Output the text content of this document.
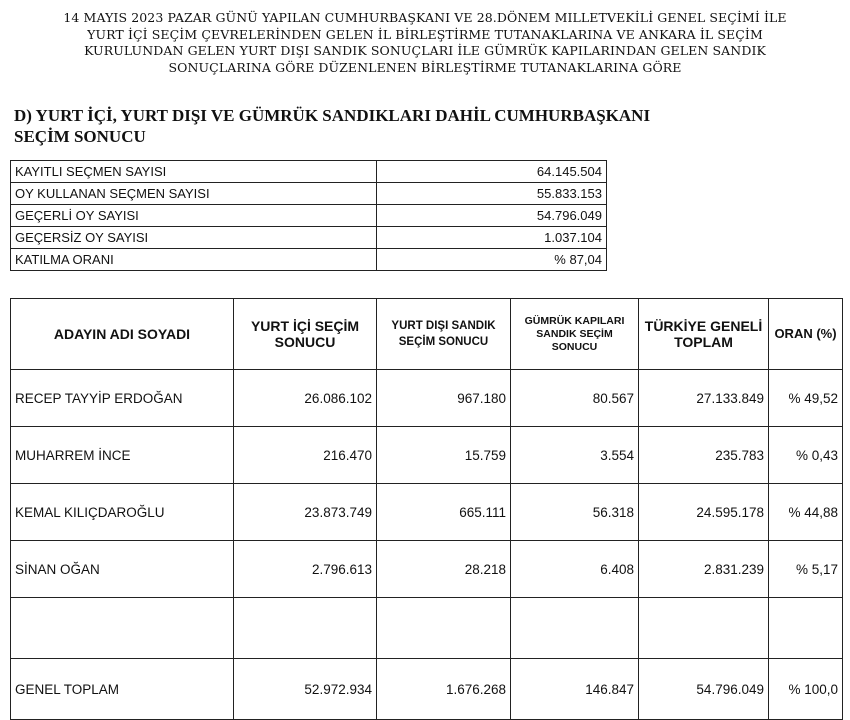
14 MAYIS 2023 PAZAR GÜNÜ YAPILAN CUMHURBAŞKANI VE 28.DÖNEM MILLETVEKİLİ GENEL SEÇİMİ İLE
YURT İÇİ SEÇİM ÇEVRELERİNDEN GELEN İL BİRLEŞTİRME TUTANAKLARINA VE ANKARA İL SEÇİM
KURULUNDAN GELEN YURT DIŞI SANDIK SONUÇLARI İLE GÜMRÜK KAPILARINDAN GELEN SANDIK
SONUÇLARINA GÖRE DÜZENLENEN BİRLEŞTİRME TUTANAKLARINA GÖRE
D) YURT İÇİ, YURT DIŞI VE GÜMRÜK SANDIKLARI DAHİL CUMHURBAŞKANI
SEÇİM SONUCU
KAYITLI SEÇMEN SAYISI	64.145.504
OY KULLANAN SEÇMEN SAYISI	55.833.153
GEÇERLİ OY SAYISI	54.796.049
GEÇERSİZ OY SAYISI	1.037.104
KATILMA ORANI	% 87,04
ADAYIN ADI SOYADI	YURT İÇİ SEÇİM SONUCU	YURT DIŞI SANDIK SEÇİM SONUCU	GÜMRÜK KAPILARI SANDIK SEÇİM SONUCU	TÜRKİYE GENELİ TOPLAM	ORAN (%)
RECEP TAYYİP ERDOĞAN	26.086.102	967.180	80.567	27.133.849	% 49,52
MUHARREM İNCE	216.470	15.759	3.554	235.783	% 0,43
KEMAL KILIÇDAROĞLU	23.873.749	665.111	56.318	24.595.178	% 44,88
SİNAN OĞAN	2.796.613	28.218	6.408	2.831.239	% 5,17

GENEL TOPLAM	52.972.934	1.676.268	146.847	54.796.049	% 100,0
